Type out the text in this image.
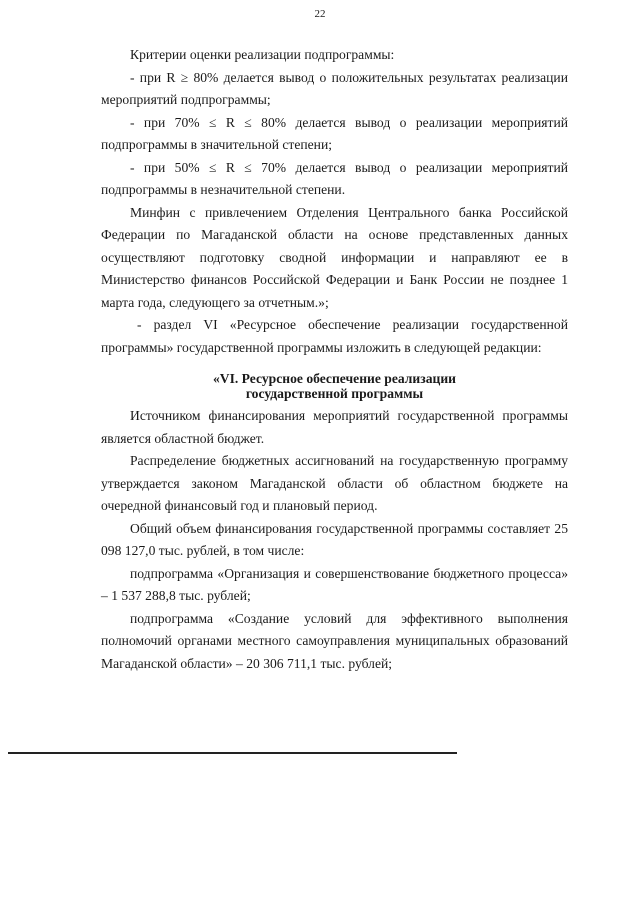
22

Критерии оценки реализации подпрограммы:

- при R ≥ 80% делается вывод о положительных результатах реализации мероприятий подпрограммы;

- при 70% ≤ R ≤ 80% делается вывод о реализации мероприятий подпрограммы в значительной степени;

- при 50% ≤ R ≤ 70% делается вывод о реализации мероприятий подпрограммы в незначительной степени.

Минфин с привлечением Отделения Центрального банка Российской Федерации по Магаданской области на основе представленных данных осуществляют подготовку сводной информации и направляют ее в Министерство финансов Российской Федерации и Банк России не позднее 1 марта года, следующего за отчетным.»;

- раздел VI «Ресурсное обеспечение реализации государственной программы» государственной программы изложить в следующей редакции:

«VI. Ресурсное обеспечение реализации
государственной программы

Источником финансирования мероприятий государственной программы является областной бюджет.

Распределение бюджетных ассигнований на государственную программу утверждается законом Магаданской области об областном бюджете на очередной финансовый год и плановый период.

Общий объем финансирования государственной программы составляет 25 098 127,0 тыс. рублей, в том числе:

подпрограмма «Организация и совершенствование бюджетного процесса» – 1 537 288,8 тыс. рублей;

подпрограмма «Создание условий для эффективного выполнения полномочий органами местного самоуправления муниципальных образований Магаданской области» – 20 306 711,1 тыс. рублей;
